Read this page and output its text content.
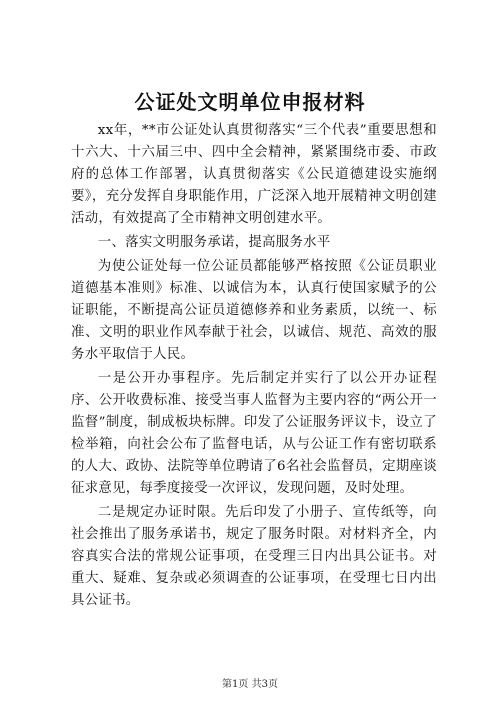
公证处文明单位申报材料

xx年，**市公证处认真贯彻落实“三个代表”重要思想和十六大、十六届三中、四中全会精神，紧紧围绕市委、市政府的总体工作部署，认真贯彻落实《公民道德建设实施纲要》，充分发挥自身职能作用，广泛深入地开展精神文明创建活动，有效提高了全市精神文明创建水平。

一、落实文明服务承诺，提高服务水平

为使公证处每一位公证员都能够严格按照《公证员职业道德基本准则》标准、以诚信为本，认真行使国家赋予的公证职能，不断提高公证员道德修养和业务素质，以统一、标准、文明的职业作风奉献于社会，以诚信、规范、高效的服务水平取信于人民。

一是公开办事程序。先后制定并实行了以公开办证程序、公开收费标准、接受当事人监督为主要内容的“两公开一监督”制度，制成板块标牌。印发了公证服务评议卡，设立了检举箱，向社会公布了监督电话，从与公证工作有密切联系的人大、政协、法院等单位聘请了6名社会监督员，定期座谈征求意见，每季度接受一次评议，发现问题，及时处理。

二是规定办证时限。先后印发了小册子、宣传纸等，向社会推出了服务承诺书，规定了服务时限。对材料齐全，内容真实合法的常规公证事项，在受理三日内出具公证书。对重大、疑难、复杂或必须调查的公证事项，在受理七日内出具公证书。

第1页 共3页
